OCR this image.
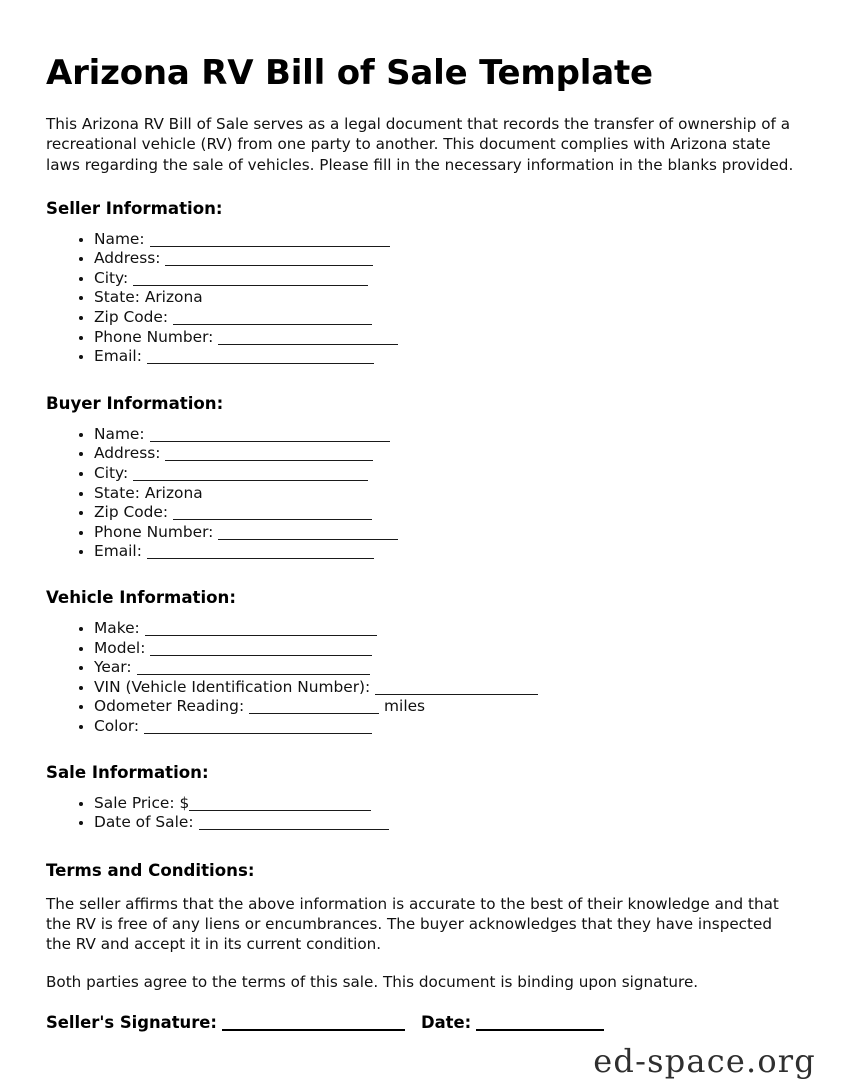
Arizona RV Bill of Sale Template

This Arizona RV Bill of Sale serves as a legal document that records the transfer of ownership of a recreational vehicle (RV) from one party to another. This document complies with Arizona state laws regarding the sale of vehicles. Please fill in the necessary information in the blanks provided.

Seller Information:
Name:
Address:
City:
State: Arizona
Zip Code:
Phone Number:
Email:
Buyer Information:
Name:
Address:
City:
State: Arizona
Zip Code:
Phone Number:
Email:
Vehicle Information:
Make:
Model:
Year:
VIN (Vehicle Identification Number):
Odometer Reading:	miles
Color:
Sale Information:
Sale Price: $
Date of Sale:
Terms and Conditions:

The seller affirms that the above information is accurate to the best of their knowledge and that the RV is free of any liens or encumbrances. The buyer acknowledges that they have inspected the RV and accept it in its current condition.

Both parties agree to the terms of this sale. This document is binding upon signature.

Seller's Signature:	Date:
ed-space.org
